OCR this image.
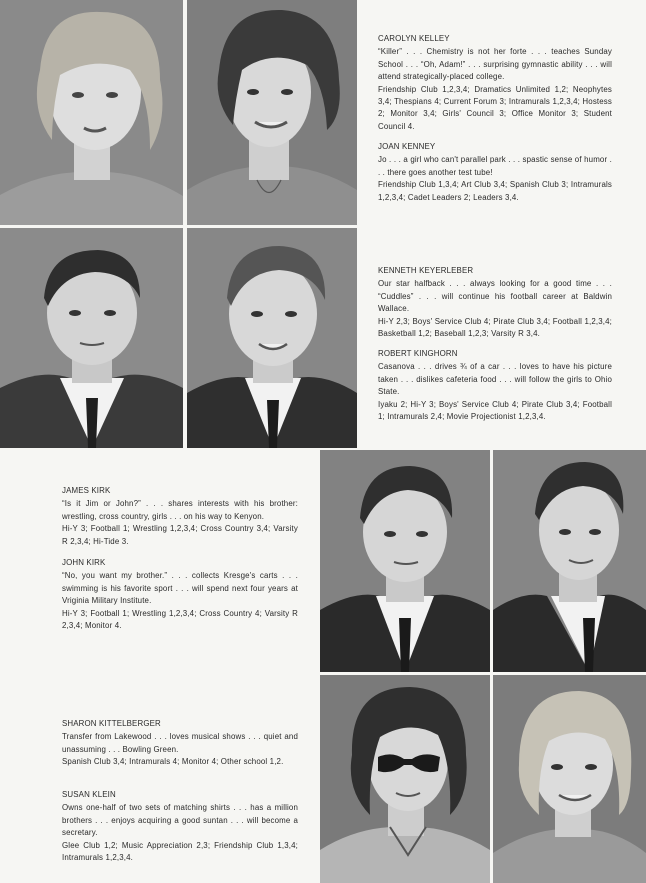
CAROLYN KELLEY

“Killer” . . . Chemistry is not her forte . . . teaches Sunday School . . . “Oh, Adam!” . . . surprising gymnastic ability . . . will attend strategically-placed college.

Friendship Club 1,2,3,4; Dramatics Unlimited 1,2; Neophytes 3,4; Thespians 4; Current Forum 3; Intramurals 1,2,3,4; Hostess 2; Monitor 3,4; Girls' Council 3; Office Monitor 3; Student Council 4.

JOAN KENNEY

Jo . . . a girl who can't parallel park . . . spastic sense of humor . . . there goes another test tube!

Friendship Club 1,3,4; Art Club 3,4; Spanish Club 3; Intramurals 1,2,3,4; Cadet Leaders 2; Leaders 3,4.

KENNETH KEYERLEBER

Our star halfback . . . always looking for a good time . . . “Cuddles” . . . will continue his football career at Baldwin Wallace.

Hi-Y 2,3; Boys' Service Club 4; Pirate Club 3,4; Football 1,2,3,4; Basketball 1,2; Baseball 1,2,3; Varsity R 3,4.

ROBERT KINGHORN

Casanova . . . drives ¾ of a car . . . loves to have his picture taken . . . dislikes cafeteria food . . . will follow the girls to Ohio State.

Iyaku 2; Hi-Y 3; Boys' Service Club 4; Pirate Club 3,4; Football 1; Intramurals 2,4; Movie Projectionist 1,2,3,4.

JAMES KIRK

“Is it Jim or John?” . . . shares interests with his brother: wrestling, cross country, girls . . . on his way to Kenyon.

Hi-Y 3; Football 1; Wrestling 1,2,3,4; Cross Country 3,4; Varsity R 2,3,4; Hi-Tide 3.

JOHN KIRK

“No, you want my brother.” . . . collects Kresge's carts . . . swimming is his favorite sport . . . will spend next four years at Vriginia Military Institute.

Hi-Y 3; Football 1; Wrestling 1,2,3,4; Cross Country 4; Varsity R 2,3,4; Monitor 4.

SHARON KITTELBERGER

Transfer from Lakewood . . . loves musical shows . . . quiet and unassuming . . . Bowling Green.

Spanish Club 3,4; Intramurals 4; Monitor 4; Other school 1,2.

SUSAN KLEIN

Owns one-half of two sets of matching shirts . . . has a million brothers . . . enjoys acquiring a good suntan . . . will become a secretary.

Glee Club 1,2; Music Appreciation 2,3; Friendship Club 1,3,4; Intramurals 1,2,3,4.
